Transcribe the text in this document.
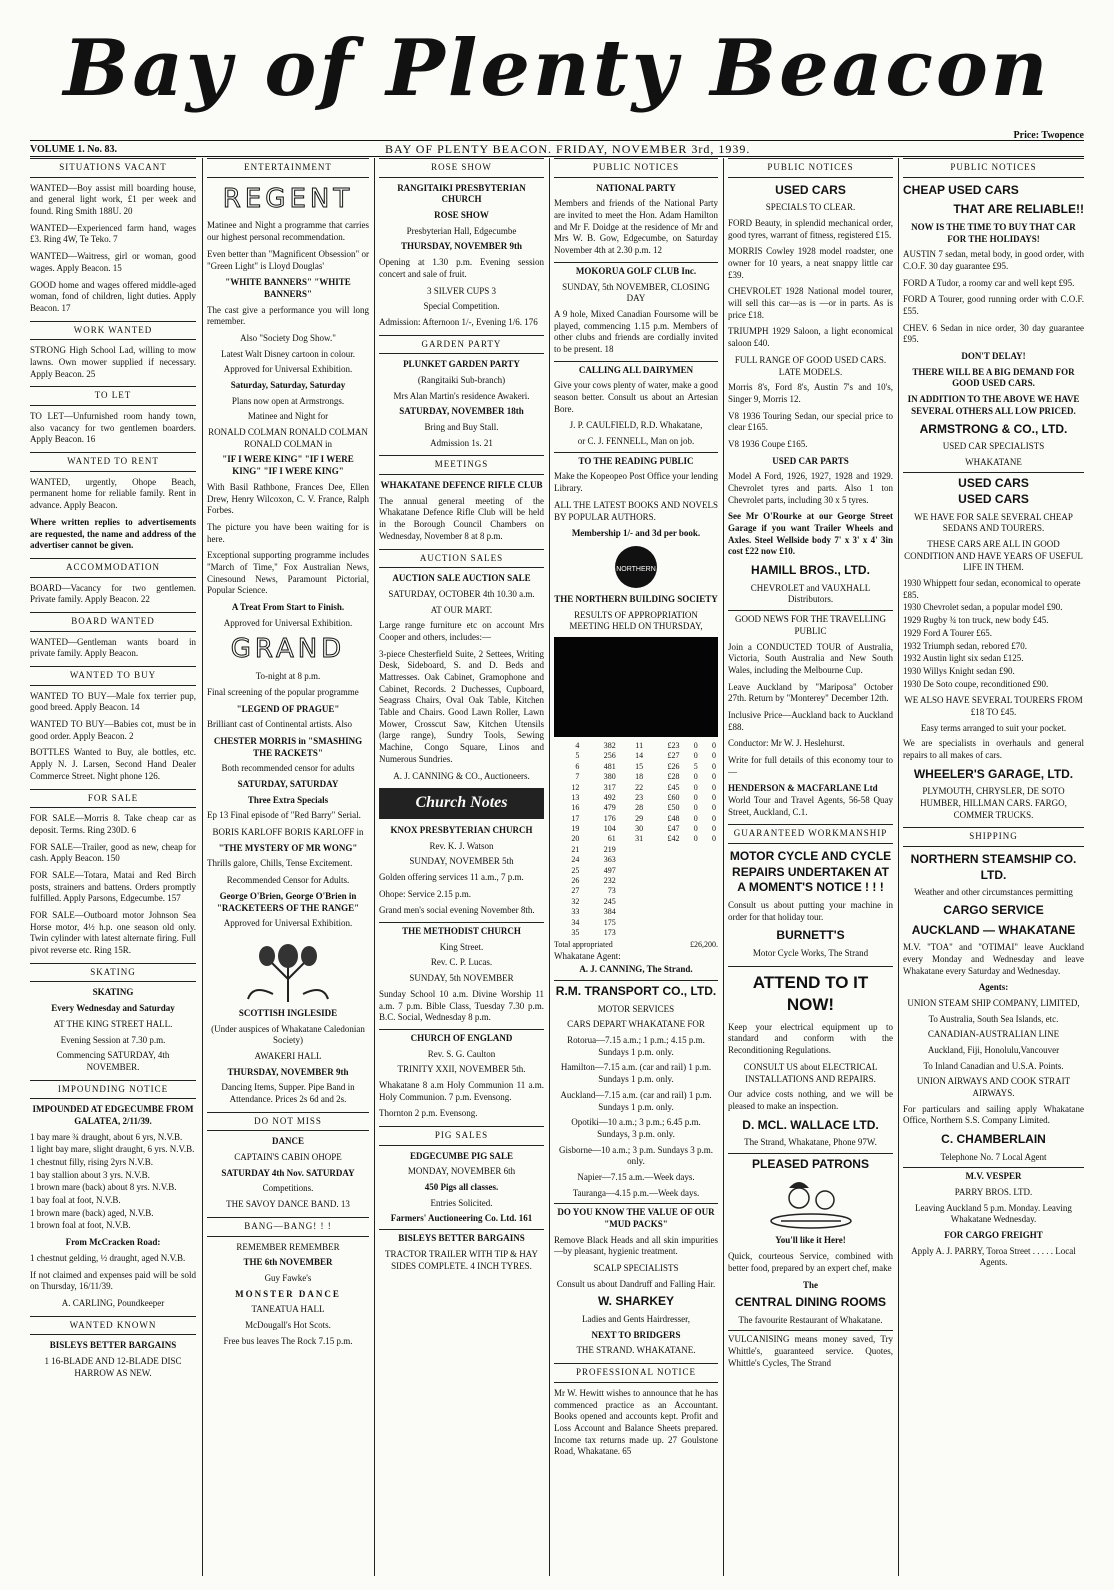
Bay of Plenty Beacon
Price: Twopence
VOLUME 1. No. 83.	BAY OF PLENTY BEACON. FRIDAY, NOVEMBER 3rd, 1939.
SITUATIONS VACANT

WANTED—Boy assist mill boarding house, and general light work, £1 per week and found. Ring Smith 188U. 20

WANTED—Experienced farm hand, wages £3. Ring 4W, Te Teko. 7

WANTED—Waitress, girl or woman, good wages. Apply Beacon. 15

GOOD home and wages offered middle-aged woman, fond of children, light duties. Apply Beacon. 17

WORK WANTED

STRONG High School Lad, willing to mow lawns. Own mower supplied if necessary. Apply Beacon. 25

TO LET

TO LET—Unfurnished room handy town, also vacancy for two gentlemen boarders. Apply Beacon. 16

WANTED TO RENT

WANTED, urgently, Ohope Beach, permanent home for reliable family. Rent in advance. Apply Beacon.

Where written replies to advertisements are requested, the name and address of the advertiser cannot be given.

ACCOMMODATION

BOARD—Vacancy for two gentlemen. Private family. Apply Beacon. 22

BOARD WANTED

WANTED—Gentleman wants board in private family. Apply Beacon.

WANTED TO BUY

WANTED TO BUY—Male fox terrier pup, good breed. Apply Beacon. 14

WANTED TO BUY—Babies cot, must be in good order. Apply Beacon. 2

BOTTLES Wanted to Buy, ale bottles, etc. Apply N. J. Larsen, Second Hand Dealer Commerce Street. Night phone 126.

FOR SALE

FOR SALE—Morris 8. Take cheap car as deposit. Terms. Ring 230D. 6

FOR SALE—Trailer, good as new, cheap for cash. Apply Beacon. 150

FOR SALE—Totara, Matai and Red Birch posts, strainers and battens. Orders promptly fulfilled. Apply Parsons, Edgecumbe. 157

FOR SALE—Outboard motor Johnson Sea Horse motor, 4½ h.p. one season old only. Twin cylinder with latest alternate firing. Full pivot reverse etc. Ring 15R.

SKATING
SKATING
Every Wednesday and Saturday
AT THE KING STREET HALL.
Evening Session at 7.30 p.m.
Commencing SATURDAY, 4th NOVEMBER.
IMPOUNDING NOTICE
IMPOUNDED AT EDGECUMBE FROM GALATEA, 2/11/39.
1 bay mare ¾ draught, about 6 yrs, N.V.B.
1 light bay mare, slight draught, 6 yrs. N.V.B.
1 chestnut filly, rising 2yrs N.V.B.
1 bay stallion about 3 yrs. N.V.B.
1 brown mare (back) about 8 yrs. N.V.B.
1 bay foal at foot, N.V.B.
1 brown mare (back) aged, N.V.B.
1 brown foal at foot, N.V.B.
From McCracken Road:

1 chestnut gelding, ½ draught, aged N.V.B.

If not claimed and expenses paid will be sold on Thursday, 16/11/39.

A. CARLING, Poundkeeper
WANTED KNOWN
BISLEYS BETTER BARGAINS
1 16-BLADE AND 12-BLADE DISC HARROW AS NEW.
ENTERTAINMENT
REGENT

Matinee and Night a programme that carries our highest personal recommendation.

Even better than "Magnificent Obsession" or "Green Light" is Lloyd Douglas'

"WHITE BANNERS" "WHITE BANNERS"

The cast give a performance you will long remember.

Also "Society Dog Show."
Latest Walt Disney cartoon in colour.
Approved for Universal Exhibition.
Saturday, Saturday, Saturday
Plans now open at Armstrongs.
Matinee and Night for
RONALD COLMAN RONALD COLMAN RONALD COLMAN in
"IF I WERE KING" "IF I WERE KING" "IF I WERE KING"

With Basil Rathbone, Frances Dee, Ellen Drew, Henry Wilcoxon, C. V. France, Ralph Forbes.

The picture you have been waiting for is here.

Exceptional supporting programme includes "March of Time," Fox Australian News, Cinesound News, Paramount Pictorial, Popular Science.

A Treat From Start to Finish.
Approved for Universal Exhibition.
GRAND
To-night at 8 p.m.

Final screening of the popular programme

"LEGEND OF PRAGUE"

Brilliant cast of Continental artists. Also

CHESTER MORRIS in "SMASHING THE RACKETS"
Both recommended censor for adults
SATURDAY, SATURDAY
Three Extra Specials

Ep 13 Final episode of "Red Barry" Serial.

BORIS KARLOFF BORIS KARLOFF in
"THE MYSTERY OF MR WONG"

Thrills galore, Chills, Tense Excitement.

Recommended Censor for Adults.
George O'Brien, George O'Brien in "RACKETEERS OF THE RANGE"
Approved for Universal Exhibition.
SCOTTISH INGLESIDE
(Under auspices of Whakatane Caledonian Society)
AWAKERI HALL
THURSDAY, NOVEMBER 9th
Dancing Items, Supper. Pipe Band in Attendance. Prices 2s 6d and 2s.
DO NOT MISS
DANCE
CAPTAIN'S CABIN OHOPE
SATURDAY 4th Nov. SATURDAY
Competitions.
THE SAVOY DANCE BAND. 13
BANG—BANG! ! !
REMEMBER REMEMBER
THE 6th NOVEMBER
Guy Fawke's
MONSTER DANCE
TANEATUA HALL
McDougall's Hot Scots.
Free bus leaves The Rock 7.15 p.m.
ROSE SHOW
RANGITAIKI PRESBYTERIAN CHURCH
ROSE SHOW
Presbyterian Hall, Edgecumbe
THURSDAY, NOVEMBER 9th

Opening at 1.30 p.m. Evening session concert and sale of fruit.

3 SILVER CUPS 3
Special Competition.

Admission: Afternoon 1/-, Evening 1/6. 176

GARDEN PARTY
PLUNKET GARDEN PARTY
(Rangitaiki Sub-branch)
Mrs Alan Martin's residence Awakeri.
SATURDAY, NOVEMBER 18th
Bring and Buy Stall.
Admission 1s. 21
MEETINGS
WHAKATANE DEFENCE RIFLE CLUB

The annual general meeting of the Whakatane Defence Rifle Club will be held in the Borough Council Chambers on Wednesday, November 8 at 8 p.m.

AUCTION SALES
AUCTION SALE AUCTION SALE
SATURDAY, OCTOBER 4th 10.30 a.m.
AT OUR MART.

Large range furniture etc on account Mrs Cooper and others, includes:—

3-piece Chesterfield Suite, 2 Settees, Writing Desk, Sideboard, S. and D. Beds and Mattresses. Oak Cabinet, Gramophone and Cabinet, Records. 2 Duchesses, Cupboard, Seagrass Chairs, Oval Oak Table, Kitchen Table and Chairs. Good Lawn Roller, Lawn Mower, Crosscut Saw, Kitchen Utensils (large range), Sundry Tools, Sewing Machine, Congo Square, Linos and Numerous Sundries.

A. J. CANNING & CO., Auctioneers.
Church Notes
KNOX PRESBYTERIAN CHURCH
Rev. K. J. Watson
SUNDAY, NOVEMBER 5th

Golden offering services 11 a.m., 7 p.m.

Ohope: Service 2.15 p.m.

Grand men's social evening November 8th.

THE METHODIST CHURCH
King Street.
Rev. C. P. Lucas.
SUNDAY, 5th NOVEMBER

Sunday School 10 a.m. Divine Worship 11 a.m. 7 p.m. Bible Class, Tuesday 7.30 p.m. B.C. Social, Wednesday 8 p.m.

CHURCH OF ENGLAND
Rev. S. G. Caulton
TRINITY XXII, NOVEMBER 5th.

Whakatane 8 a.m Holy Communion 11 a.m. Holy Communion. 7 p.m. Evensong.

Thornton 2 p.m. Evensong.

PIG SALES
EDGECUMBE PIG SALE
MONDAY, NOVEMBER 6th
450 Pigs all classes.
Entries Solicited.
Farmers' Auctioneering Co. Ltd. 161
BISLEYS BETTER BARGAINS
TRACTOR TRAILER WITH TIP & HAY SIDES COMPLETE. 4 INCH TYRES.
PUBLIC NOTICES
NATIONAL PARTY

Members and friends of the National Party are invited to meet the Hon. Adam Hamilton and Mr F. Doidge at the residence of Mr and Mrs W. B. Gow, Edgecumbe, on Saturday November 4th at 2.30 p.m. 12

MOKORUA GOLF CLUB Inc.
SUNDAY, 5th NOVEMBER, CLOSING DAY

A 9 hole, Mixed Canadian Foursome will be played, commencing 1.15 p.m. Members of other clubs and friends are cordially invited to be present. 18

CALLING ALL DAIRYMEN

Give your cows plenty of water, make a good season better. Consult us about an Artesian Bore.

J. P. CAULFIELD, R.D. Whakatane,
or C. J. FENNELL, Man on job.
TO THE READING PUBLIC

Make the Kopeopeo Post Office your lending Library.

ALL THE LATEST BOOKS AND NOVELS BY POPULAR AUTHORS.

Membership 1/- and 3d per book.
NORTHERN
THE NORTHERN BUILDING SOCIETY
RESULTS OF APPROPRIATION MEETING HELD ON THURSDAY,
4	382	11	£23	0	0
5	256	14	£27	0	0
6	481	15	£26	5	0
7	380	18	£28	0	0
12	317	22	£45	0	0
13	492	23	£60	0	0
16	479	28	£50	0	0
17	176	29	£48	0	0
19	104	30	£47	0	0
20	61	31	£42	0	0
21	219				
24	363				
25	497				
26	232				
27	73				
32	245				
33	384				
34	175				
35	173				
Total appropriated	£26,200.
Whakatane Agent:
A. J. CANNING, The Strand.
R.M. TRANSPORT CO., LTD.
MOTOR SERVICES
CARS DEPART WHAKATANE FOR
Rotorua—7.15 a.m.; 1 p.m.; 4.15 p.m. Sundays 1 p.m. only.
Hamilton—7.15 a.m. (car and rail) 1 p.m. Sundays 1 p.m. only.
Auckland—7.15 a.m. (car and rail) 1 p.m. Sundays 1 p.m. only.
Opotiki—10 a.m.; 3 p.m.; 6.45 p.m. Sundays, 3 p.m. only.
Gisborne—10 a.m.; 3 p.m. Sundays 3 p.m. only.
Napier—7.15 a.m.—Week days.
Tauranga—4.15 p.m.—Week days.
DO YOU KNOW THE VALUE OF OUR "MUD PACKS"

Remove Black Heads and all skin impurities—by pleasant, hygienic treatment.

SCALP SPECIALISTS
Consult us about Dandruff and Falling Hair.
W. SHARKEY
Ladies and Gents Hairdresser,
NEXT TO BRIDGERS
THE STRAND. WHAKATANE.
PROFESSIONAL NOTICE

Mr W. Hewitt wishes to announce that he has commenced practice as an Accountant. Books opened and accounts kept. Profit and Loss Account and Balance Sheets prepared. Income tax returns made up. 27 Goulstone Road, Whakatane. 65

PUBLIC NOTICES
USED CARS
SPECIALS TO CLEAR.

FORD Beauty, in splendid mechanical order, good tyres, warrant of fitness, registered £15.

MORRIS Cowley 1928 model roadster, one owner for 10 years, a neat snappy little car £39.

CHEVROLET 1928 National model tourer, will sell this car—as is —or in parts. As is price £18.

TRIUMPH 1929 Saloon, a light economical saloon £40.

FULL RANGE OF GOOD USED CARS. LATE MODELS.

Morris 8's, Ford 8's, Austin 7's and 10's, Singer 9, Morris 12.

V8 1936 Touring Sedan, our special price to clear £165.

V8 1936 Coupe £165.

USED CAR PARTS

Model A Ford, 1926, 1927, 1928 and 1929. Chevrolet tyres and parts. Also 1 ton Chevrolet parts, including 30 x 5 tyres.

See Mr O'Rourke at our George Street Garage if you want Trailer Wheels and Axles. Steel Wellside body 7' x 3' x 4' 3in cost £22 now £10.

HAMILL BROS., LTD.
CHEVROLET and VAUXHALL Distributors.
GOOD NEWS FOR THE TRAVELLING PUBLIC

Join a CONDUCTED TOUR of Australia, Victoria, South Australia and New South Wales, including the Melbourne Cup.

Leave Auckland by "Mariposa" October 27th. Return by "Monterey" December 12th.

Inclusive Price—Auckland back to Auckland £88.

Conductor: Mr W. J. Heslehurst.

Write for full details of this economy tour to—

HENDERSON & MACFARLANE Ltd

World Tour and Travel Agents, 56-58 Quay Street, Auckland, C.1.

GUARANTEED WORKMANSHIP
MOTOR CYCLE AND CYCLE REPAIRS UNDERTAKEN AT A MOMENT'S NOTICE ! ! !

Consult us about putting your machine in order for that holiday tour.

BURNETT'S
Motor Cycle Works, The Strand
ATTEND TO IT NOW!

Keep your electrical equipment up to standard and conform with the Reconditioning Regulations.

CONSULT US about ELECTRICAL INSTALLATIONS AND REPAIRS.

Our advice costs nothing, and we will be pleased to make an inspection.

D. MCL. WALLACE LTD.
The Strand, Whakatane, Phone 97W.
PLEASED PATRONS
You'll like it Here!

Quick, courteous Service, combined with better food, prepared by an expert chef, make

The
CENTRAL DINING ROOMS
The favourite Restaurant of Whakatane.

VULCANISING means money saved, Try Whittle's, guaranteed service. Quotes, Whittle's Cycles, The Strand

PUBLIC NOTICES
CHEAP USED CARS
THAT ARE RELIABLE!!
NOW IS THE TIME TO BUY THAT CAR FOR THE HOLIDAYS!

AUSTIN 7 sedan, metal body, in good order, with C.O.F. 30 day guarantee £95.

FORD A Tudor, a roomy car and well kept £95.

FORD A Tourer, good running order with C.O.F. £55.

CHEV. 6 Sedan in nice order, 30 day guarantee £95.

DON'T DELAY!
THERE WILL BE A BIG DEMAND FOR GOOD USED CARS.
IN ADDITION TO THE ABOVE WE HAVE SEVERAL OTHERS ALL LOW PRICED.
ARMSTRONG & CO., LTD.
USED CAR SPECIALISTS
WHAKATANE
USED CARS
USED CARS
WE HAVE FOR SALE SEVERAL CHEAP SEDANS AND TOURERS.
THESE CARS ARE ALL IN GOOD CONDITION AND HAVE YEARS OF USEFUL LIFE IN THEM.
1930 Whippett four sedan, economical to operate £85.
1930 Chevrolet sedan, a popular model £90.
1929 Rugby ¾ ton truck, new body £45.
1929 Ford A Tourer £65.
1932 Triumph sedan, rebored £70.
1932 Austin light six sedan £125.
1930 Willys Knight sedan £90.
1930 De Soto coupe, reconditioned £90.
WE ALSO HAVE SEVERAL TOURERS FROM £18 TO £45.
Easy terms arranged to suit your pocket.

We are specialists in overhauls and general repairs to all makes of cars.

WHEELER'S GARAGE, LTD.
PLYMOUTH, CHRYSLER, DE SOTO HUMBER, HILLMAN CARS. FARGO, COMMER TRUCKS.
SHIPPING
NORTHERN STEAMSHIP CO. LTD.
Weather and other circumstances permitting
CARGO SERVICE
AUCKLAND — WHAKATANE

M.V. "TOA" and "OTIMAI" leave Auckland every Monday and Wednesday and leave Whakatane every Saturday and Wednesday.

Agents:
UNION STEAM SHIP COMPANY, LIMITED,
To Australia, South Sea Islands, etc.
CANADIAN-AUSTRALIAN LINE
Auckland, Fiji, Honolulu,Vancouver
To Inland Canadian and U.S.A. Points.
UNION AIRWAYS AND COOK STRAIT AIRWAYS.

For particulars and sailing apply Whakatane Office, Northern S.S. Company Limited.

C. CHAMBERLAIN
Telephone No. 7 Local Agent
M.V. VESPER
PARRY BROS. LTD.
Leaving Auckland 5 p.m. Monday. Leaving Whakatane Wednesday.
FOR CARGO FREIGHT
Apply A. J. PARRY, Toroa Street . . . . . Local Agents.
